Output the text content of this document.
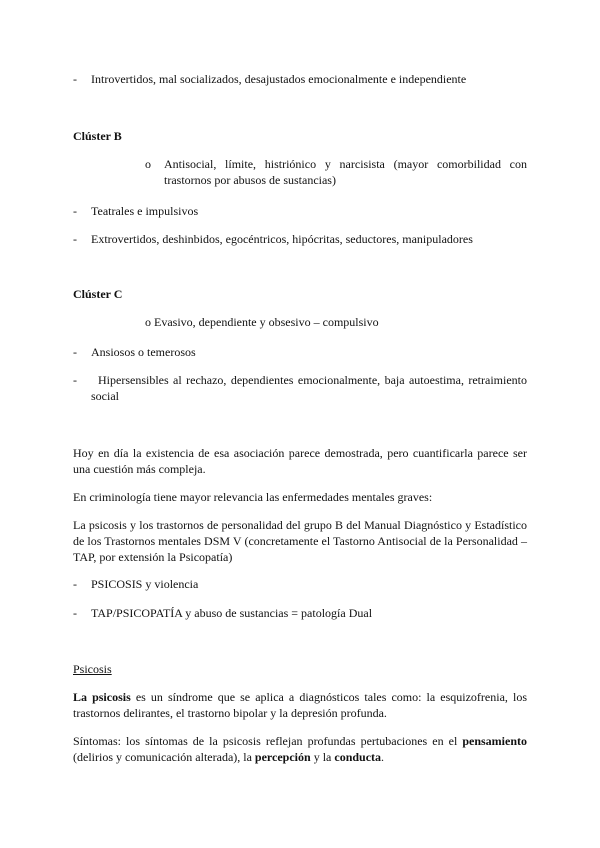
- Introvertidos, mal socializados, desajustados emocionalmente e independiente
Clúster B
o Antisocial, límite, histriónico y narcisista (mayor comorbilidad con trastornos por abusos de sustancias)
- Teatrales e impulsivos
- Extrovertidos, deshinbidos, egocéntricos, hipócritas, seductores, manipuladores
Clúster C
o Evasivo, dependiente y obsesivo – compulsivo
- Ansiosos o temerosos
-	Hipersensibles al rechazo, dependientes emocionalmente, baja autoestima, retraimiento social
Hoy en día la existencia de esa asociación parece demostrada, pero cuantificarla parece ser una cuestión más compleja.
En criminología tiene mayor relevancia las enfermedades mentales graves:
La psicosis y los trastornos de personalidad del grupo B del Manual Diagnóstico y Estadístico de los Trastornos mentales DSM V (concretamente el Tastorno Antisocial de la Personalidad – TAP, por extensión la Psicopatía)
- PSICOSIS y violencia
- TAP/PSICOPATÍA y abuso de sustancias = patología Dual
Psicosis
La psicosis es un síndrome que se aplica a diagnósticos tales como: la esquizofrenia, los trastornos delirantes, el trastorno bipolar y la depresión profunda.
Síntomas: los síntomas de la psicosis reflejan profundas pertubaciones en el pensamiento (delirios y comunicación alterada), la percepción y la conducta.
